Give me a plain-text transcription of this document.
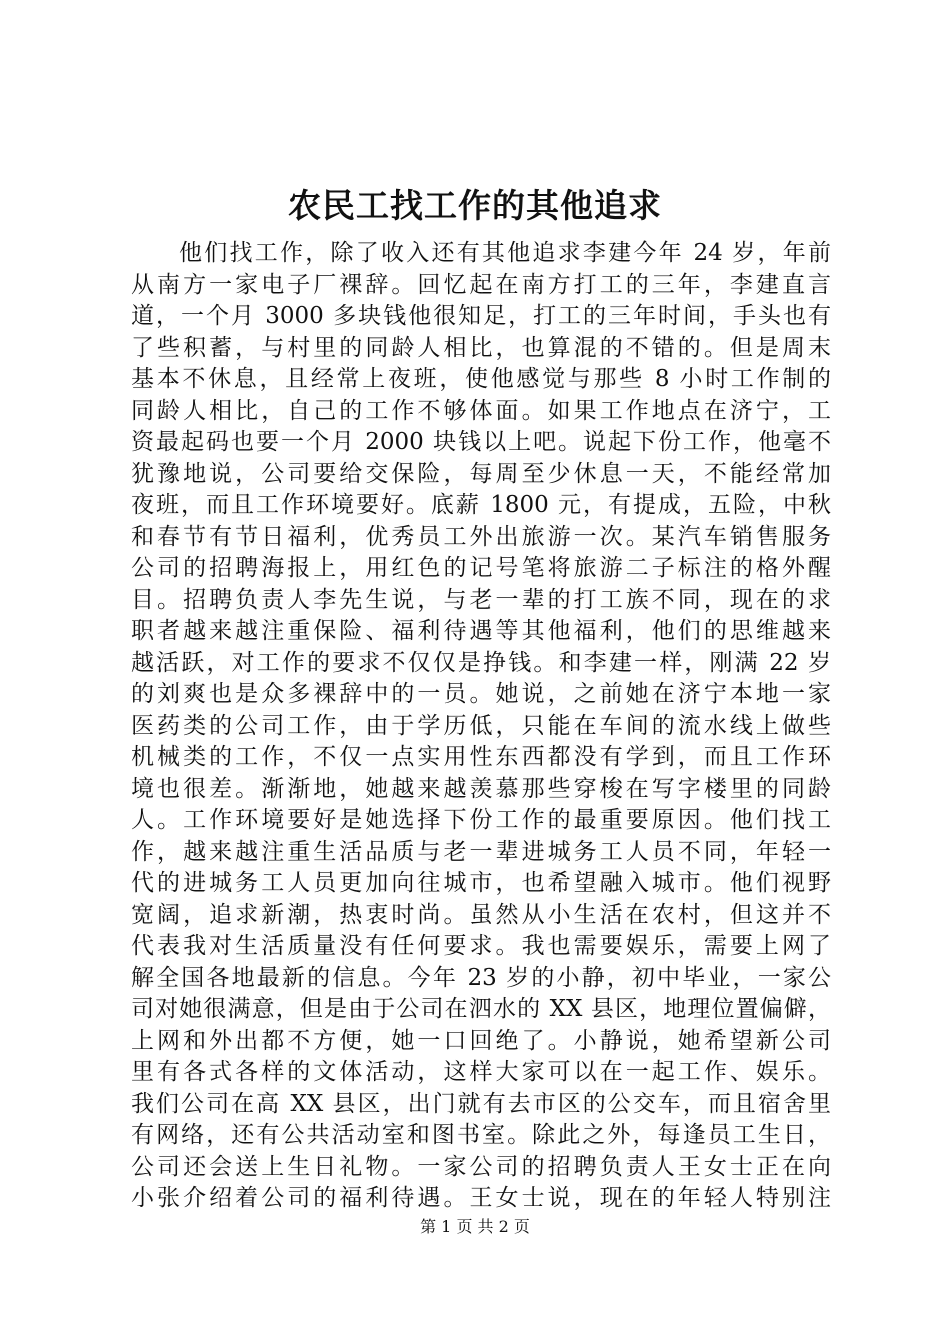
农民工找工作的其他追求
他们找工作，除了收入还有其他追求李建今年 24 岁，年前
从南方一家电子厂裸辞。回忆起在南方打工的三年，李建直言
道，一个月 3000 多块钱他很知足，打工的三年时间，手头也有
了些积蓄，与村里的同龄人相比，也算混的不错的。但是周末
基本不休息，且经常上夜班，使他感觉与那些 8 小时工作制的
同龄人相比，自己的工作不够体面。如果工作地点在济宁，工
资最起码也要一个月 2000 块钱以上吧。说起下份工作，他毫不
犹豫地说，公司要给交保险，每周至少休息一天，不能经常加
夜班，而且工作环境要好。底薪 1800 元，有提成，五险，中秋
和春节有节日福利，优秀员工外出旅游一次。某汽车销售服务
公司的招聘海报上，用红色的记号笔将旅游二子标注的格外醒
目。招聘负责人李先生说，与老一辈的打工族不同，现在的求
职者越来越注重保险、福利待遇等其他福利，他们的思维越来
越活跃，对工作的要求不仅仅是挣钱。和李建一样，刚满 22 岁
的刘爽也是众多裸辞中的一员。她说，之前她在济宁本地一家
医药类的公司工作，由于学历低，只能在车间的流水线上做些
机械类的工作，不仅一点实用性东西都没有学到，而且工作环
境也很差。渐渐地，她越来越羡慕那些穿梭在写字楼里的同龄
人。工作环境要好是她选择下份工作的最重要原因。他们找工
作，越来越注重生活品质与老一辈进城务工人员不同，年轻一
代的进城务工人员更加向往城市，也希望融入城市。他们视野
宽阔，追求新潮，热衷时尚。虽然从小生活在农村，但这并不
代表我对生活质量没有任何要求。我也需要娱乐，需要上网了
解全国各地最新的信息。今年 23 岁的小静，初中毕业，一家公
司对她很满意，但是由于公司在泗水的 XX 县区，地理位置偏僻，
上网和外出都不方便，她一口回绝了。小静说，她希望新公司
里有各式各样的文体活动，这样大家可以在一起工作、娱乐。
我们公司在高 XX 县区，出门就有去市区的公交车，而且宿舍里
有网络，还有公共活动室和图书室。除此之外，每逢员工生日，
公司还会送上生日礼物。一家公司的招聘负责人王女士正在向
小张介绍着公司的福利待遇。王女士说，现在的年轻人特别注
第 1 页 共 2 页
